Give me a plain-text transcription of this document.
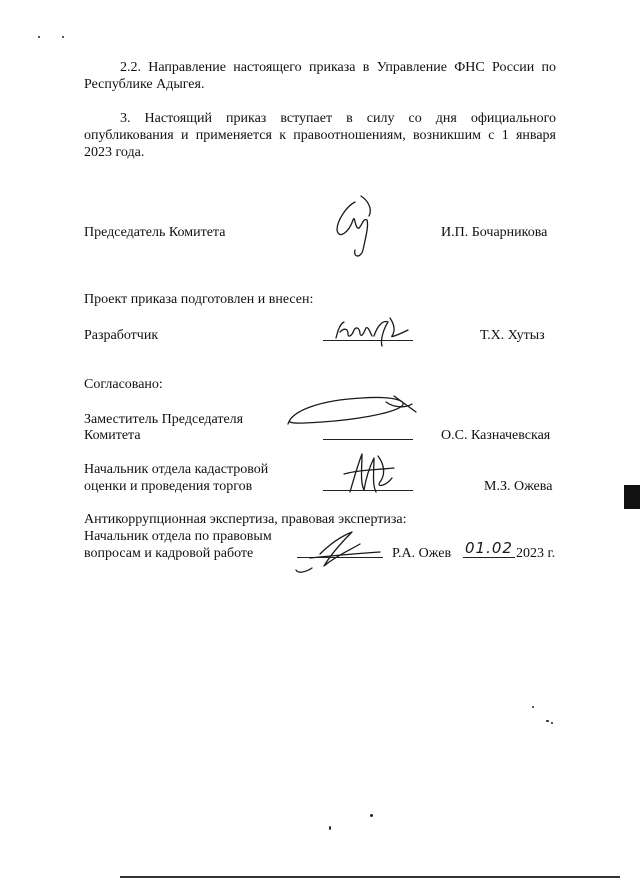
2.2. Направление настоящего приказа в Управление ФНС России по Республике Адыгея.

3. Настоящий приказ вступает в силу со дня официального опубликования и применяется к правоотношениям, возникшим с 1 января 2023 года.

Председатель Комитета	И.П. Бочарникова
Проект приказа подготовлен и внесен:
Разработчик	Т.Х. Хутыз
Согласовано:
Заместитель Председателя
Комитета	О.С. Казначевская
Начальник отдела кадастровой
оценки и проведения торгов	М.З. Ожева
Антикоррупционная экспертиза, правовая экспертиза:
Начальник отдела по правовым
вопросам и кадровой работе	Р.А. Ожев 01.02 2023 г.
